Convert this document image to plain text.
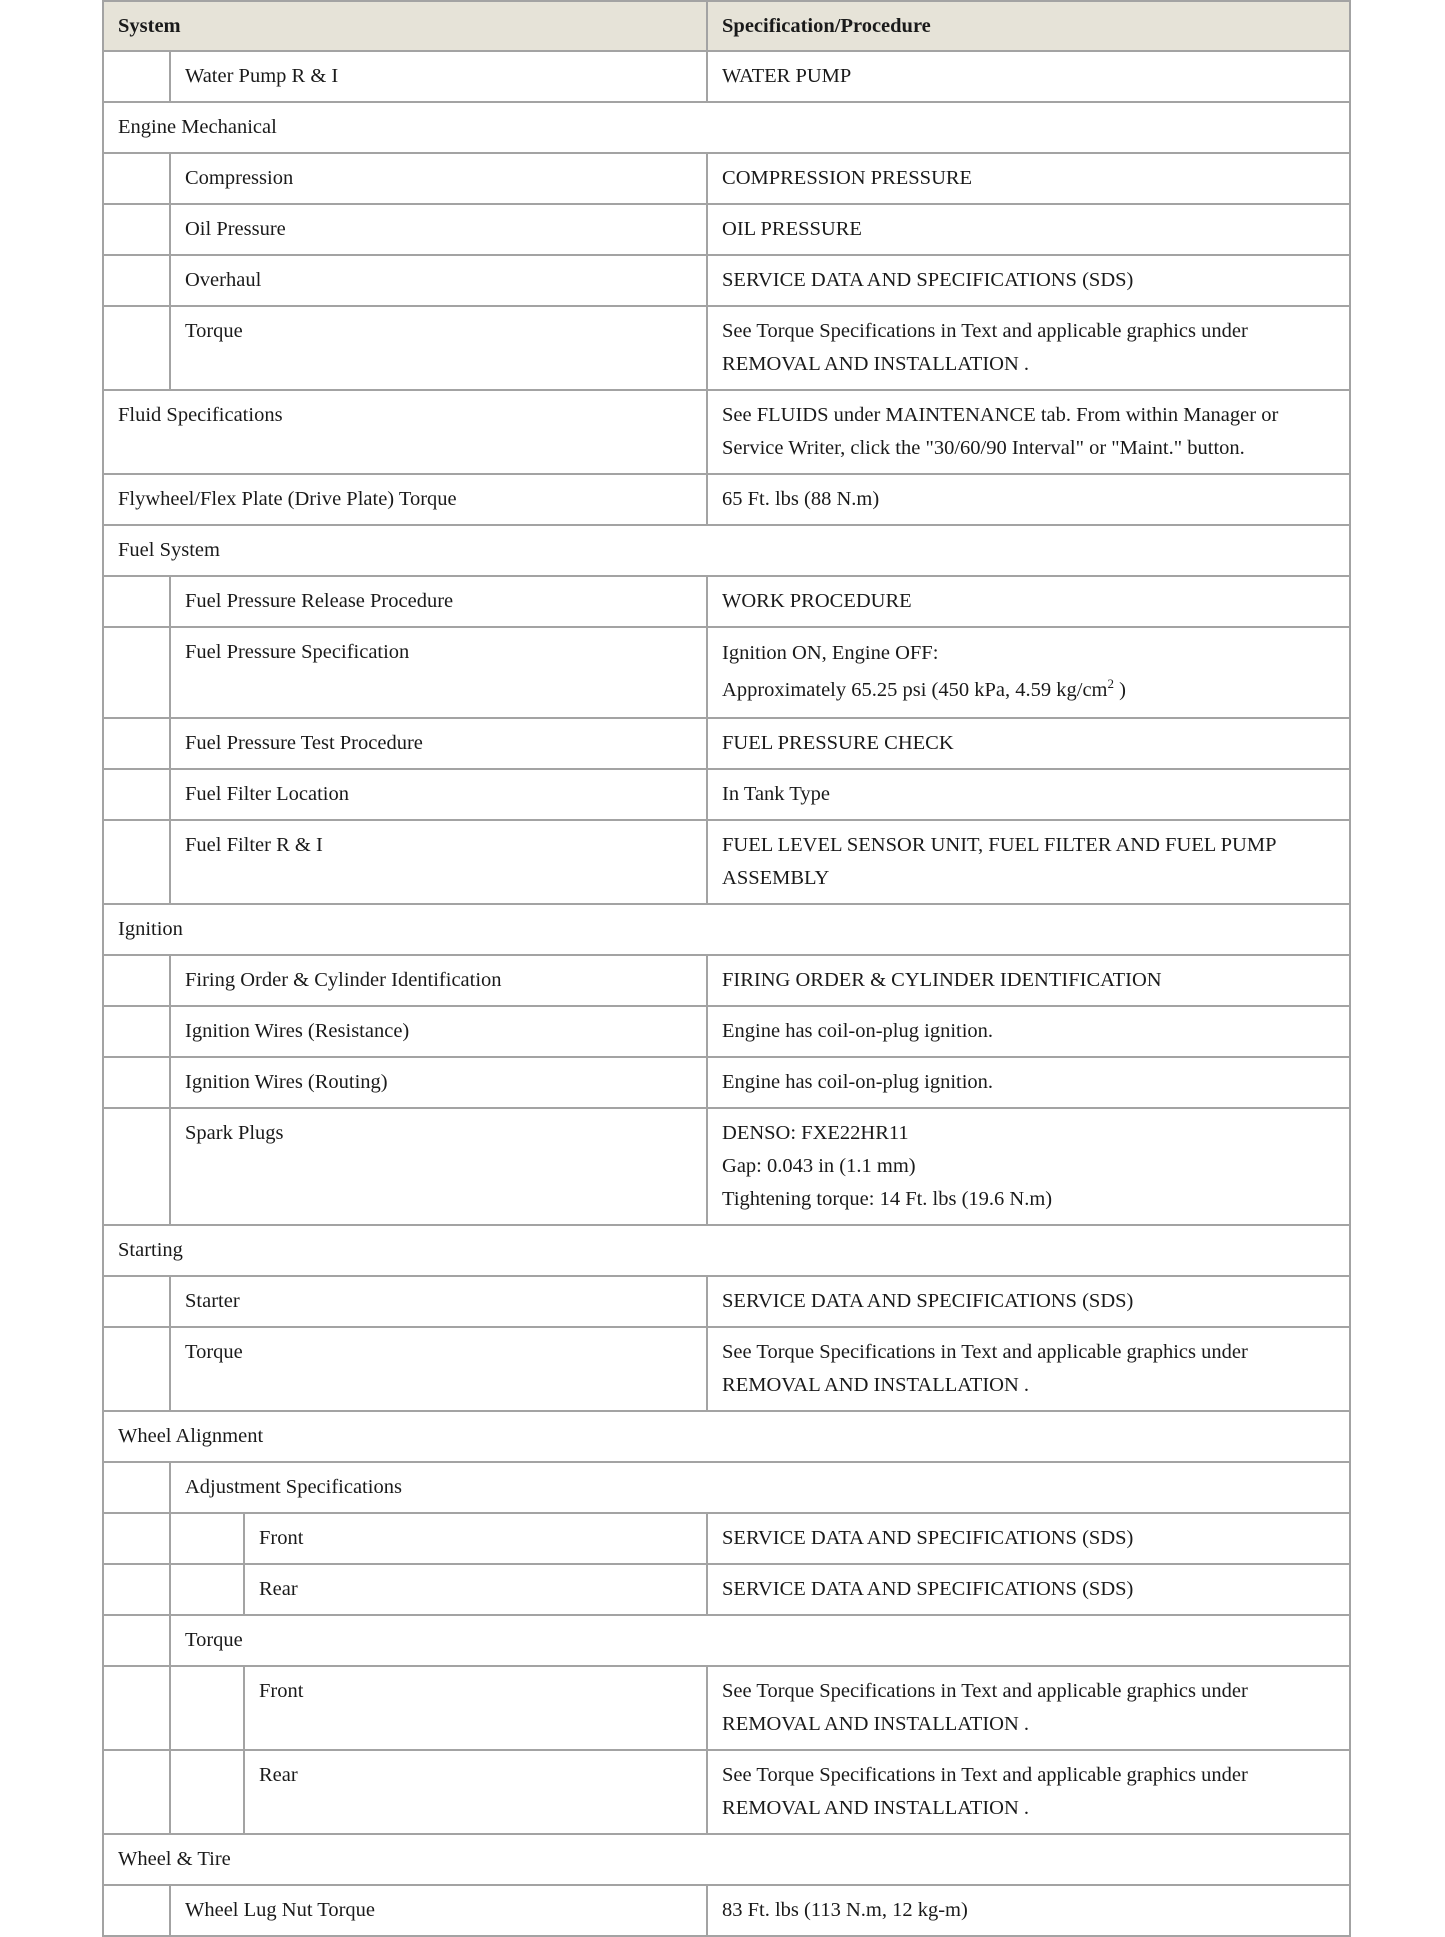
System			Specification/Procedure
	Water Pump R & I		WATER PUMP
Engine Mechanical			
	Compression		COMPRESSION PRESSURE
	Oil Pressure		OIL PRESSURE
	Overhaul		SERVICE DATA AND SPECIFICATIONS (SDS)
	Torque		See Torque Specifications in Text and applicable graphics under
REMOVAL AND INSTALLATION .

Fluid Specifications			See FLUIDS under MAINTENANCE tab. From within Manager or
Service Writer, click the "30/60/90 Interval" or "Maint." button.

Flywheel/Flex Plate (Drive Plate) Torque			65 Ft. lbs (88 N.m)
Fuel System			
	Fuel Pressure Release Procedure		WORK PROCEDURE
	Fuel Pressure Specification		Ignition ON, Engine OFF:
Approximately 65.25 psi (450 kPa, 4.59 $kg/cm^2$ )

	Fuel Pressure Test Procedure		FUEL PRESSURE CHECK
	Fuel Filter Location		In Tank Type
	Fuel Filter R & I		FUEL LEVEL SENSOR UNIT, FUEL FILTER AND FUEL PUMP
ASSEMBLY

Ignition			
	Firing Order & Cylinder Identification		FIRING ORDER & CYLINDER IDENTIFICATION
	Ignition Wires (Resistance)		Engine has coil-on-plug ignition.
	Ignition Wires (Routing)		Engine has coil-on-plug ignition.
	Spark Plugs		DENSO: FXE22HR11
Gap: 0.043 in (1.1 mm)
Tightening torque: 14 Ft. lbs (19.6 N.m)

Starting			
	Starter		SERVICE DATA AND SPECIFICATIONS (SDS)
	Torque		See Torque Specifications in Text and applicable graphics under
REMOVAL AND INSTALLATION .

Wheel Alignment			
	Adjustment Specifications		
		Front	SERVICE DATA AND SPECIFICATIONS (SDS)
		Rear	SERVICE DATA AND SPECIFICATIONS (SDS)
	Torque		
		Front	See Torque Specifications in Text and applicable graphics under
REMOVAL AND INSTALLATION .

		Rear	See Torque Specifications in Text and applicable graphics under
REMOVAL AND INSTALLATION .

Wheel & Tire			
	Wheel Lug Nut Torque		83 Ft. lbs (113 N.m, 12 kg-m)
